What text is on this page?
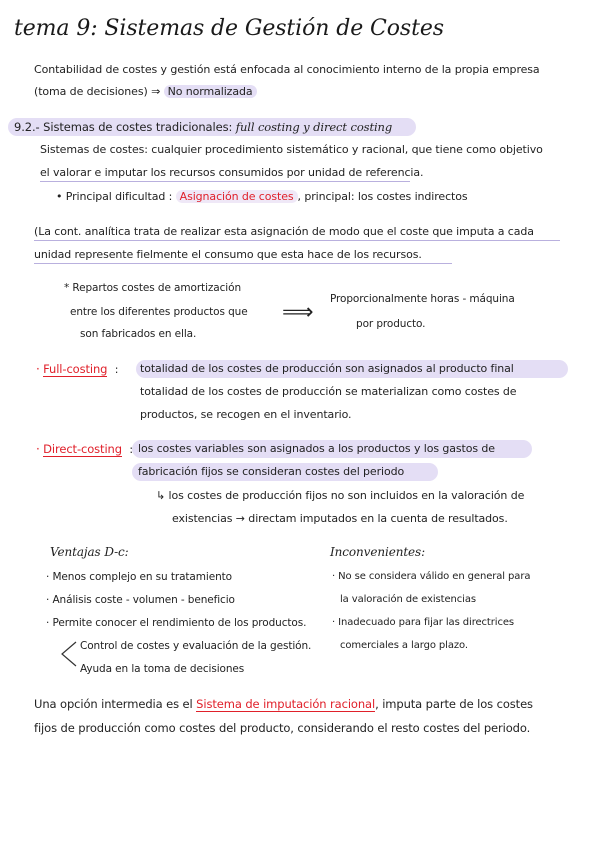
tema 9: Sistemas de Gestión de Costes
Contabilidad de costes y gestión está enfocada al conocimiento interno de la propia empresa
(toma de decisiones) ⇒ No normalizada
9.2.- Sistemas de costes tradicionales: full costing y direct costing
Sistemas de costes: cualquier procedimiento sistemático y racional, que tiene como objetivo
el valorar e imputar los recursos consumidos por unidad de referencia.
• Principal dificultad : Asignación de costes , principal: los costes indirectos
(La cont. analítica trata de realizar esta asignación de modo que el coste que imputa a cada
unidad represente fielmente el consumo que esta hace de los recursos.
* Repartos costes de amortización
entre los diferentes productos que
son fabricados en ella.
⟹
Proporcionalmente horas - máquina
por producto.
· Full-costing : totalidad de los costes de producción son asignados al producto final
totalidad de los costes de producción se materializan como costes de
productos, se recogen en el inventario.
· Direct-costing : los costes variables son asignados a los productos y los gastos de
fabricación fijos se consideran costes del periodo
↳ los costes de producción fijos no son incluidos en la valoración de
existencias → directam imputados en la cuenta de resultados.
Ventajas D-c:
· Menos complejo en su tratamiento
· Análisis coste - volumen - beneficio
· Permite conocer el rendimiento de los productos.
Control de costes y evaluación de la gestión.
Ayuda en la toma de decisiones
Inconvenientes:
· No se considera válido en general para
la valoración de existencias
· Inadecuado para fijar las directrices
comerciales a largo plazo.
Una opción intermedia es el Sistema de imputación racional, imputa parte de los costes
fijos de producción como costes del producto, considerando el resto costes del periodo.
